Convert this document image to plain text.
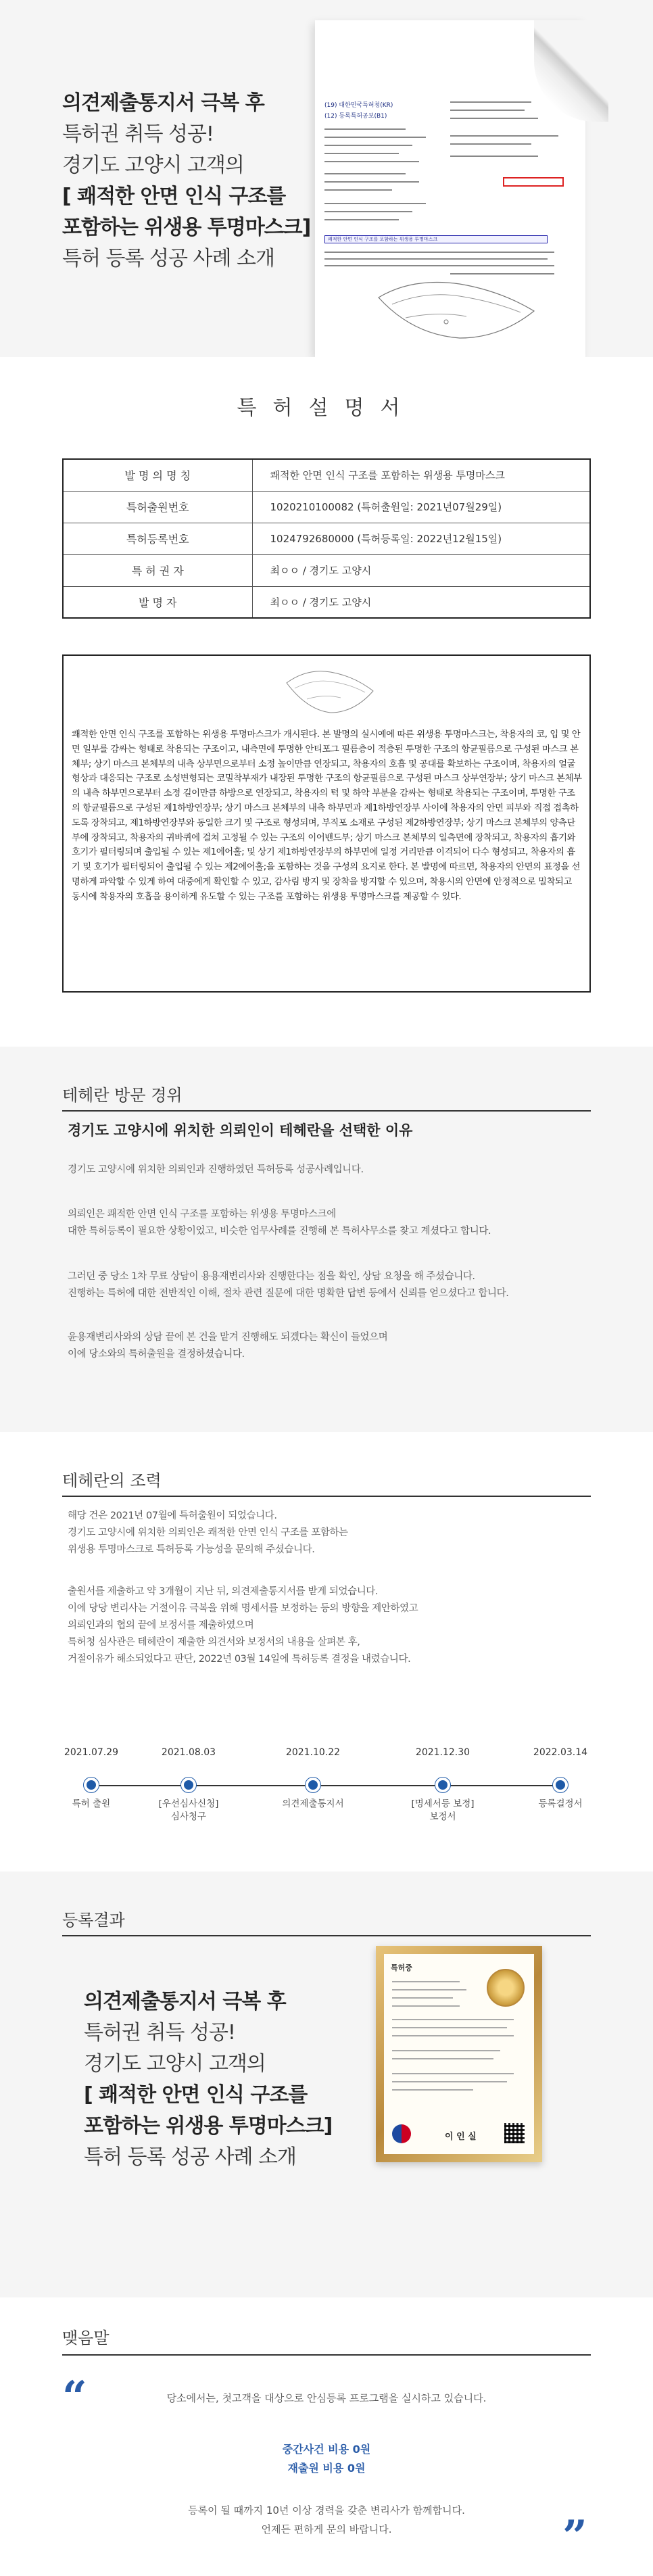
의견제출통지서 극복 후
특허권 취득 성공!
경기도 고양시 고객의
[ 쾌적한 안면 인식 구조를
포함하는 위생용 투명마스크]
특허 등록 성공 사례 소개
(19) 대한민국특허청(KR)
(12) 등록특허공보(B1)
쾌적한 안면 인식 구조를 포함하는 위생용 투명마스크
특허설명서
발 명 의 명 칭	쾌적한 안면 인식 구조를 포함하는 위생용 투명마스크
특허출원번호	1020210100082 (특허출원일: 2021년07월29일)
특허등록번호	1024792680000 (특허등록일: 2022년12월15일)
특 허 권 자	최ㅇㅇ / 경기도 고양시
발 명 자	최ㅇㅇ / 경기도 고양시
쾌적한 안면 인식 구조를 포함하는 위생용 투명마스크가 개시된다. 본 발명의 실시예에 따른 위생용 투명마스크는, 착용자의 코, 입 및 안면 일부를 감싸는 형태로 착용되는 구조이고, 내측면에 투명한 안티포그 필름층이 적층된 투명한 구조의 항균필름으로 구성된 마스크 본체부; 상기 마스크 본체부의 내측 상부면으로부터 소정 높이만큼 연장되고, 착용자의 호흡 및 공대를 확보하는 구조이며, 착용자의 얼굴 형상과 대응되는 구조로 소성변형되는 코밀착부재가 내장된 투명한 구조의 항균필름으로 구성된 마스크 상부연장부; 상기 마스크 본체부의 내측 하부면으로부터 소정 길이만큼 하방으로 연장되고, 착용자의 턱 및 하악 부분을 감싸는 형태로 착용되는 구조이며, 투명한 구조의 항균필름으로 구성된 제1하방연장부; 상기 마스크 본체부의 내측 하부면과 제1하방연장부 사이에 착용자의 안면 피부와 직접 접촉하도록 장착되고, 제1하방연장부와 동일한 크기 및 구조로 형성되며, 부직포 소재로 구성된 제2하방연장부; 상기 마스크 본체부의 양측단부에 장착되고, 착용자의 귀바퀴에 걸쳐 고정될 수 있는 구조의 이어밴드부; 상기 마스크 본체부의 일측면에 장착되고, 착용자의 흡기와 호기가 필터링되며 출입될 수 있는 제1에어홀; 및 상기 제1하방연장부의 하부면에 일정 거리만큼 이격되어 다수 형성되고, 착용자의 흡기 및 호기가 필터링되어 출입될 수 있는 제2에어홀;을 포함하는 것을 구성의 요지로 한다. 본 발명에 따르면, 착용자의 안면의 표정을 선명하게 파악할 수 있게 하여 대중에게 확인할 수 있고, 감사림 방지 및 장착을 방지할 수 있으며, 착용시의 안면에 안정적으로 밀착되고 동시에 착용자의 호흡을 용이하게 유도할 수 있는 구조를 포함하는 위생용 투명마스크를 제공할 수 있다.
테헤란 방문 경위
경기도 고양시에 위치한 의뢰인이 테헤란을 선택한 이유
경기도 고양시에 위치한 의뢰인과 진행하였던 특허등록 성공사례입니다.
의뢰인은 쾌적한 안면 인식 구조를 포함하는 위생용 투명마스크에
대한 특허등록이 필요한 상황이었고, 비슷한 업무사례를 진행해 본 특허사무소를 찾고 계셨다고 합니다.
그러던 중 당소 1차 무료 상담이 용용재변리사와 진행한다는 점을 확인, 상담 요청을 해 주셨습니다.
진행하는 특허에 대한 전반적인 이해, 절차 관련 질문에 대한 명확한 답변 등에서 신뢰를 얻으셨다고 합니다.
윤용재변리사와의 상담 끝에 본 건을 맡겨 진행해도 되겠다는 확신이 들었으며
이에 당소와의 특허출원을 결정하셨습니다.
테헤란의 조력
해당 건은 2021년 07월에 특허출원이 되었습니다.
경기도 고양시에 위치한 의뢰인은 쾌적한 안면 인식 구조를 포함하는
위생용 투명마스크로 특허등록 가능성을 문의해 주셨습니다.
출원서를 제출하고 약 3개월이 지난 뒤, 의견제출통지서를 받게 되었습니다.
이에 당당 변리사는 거절이유 극복을 위해 명세서를 보정하는 등의 방향을 제안하였고
의뢰인과의 협의 끝에 보정서를 제출하였으며
특허청 심사관은 테헤란이 제출한 의견서와 보정서의 내용을 살펴본 후,
거절이유가 해소되었다고 판단, 2022년 03월 14일에 특허등록 결정을 내렸습니다.
2021.07.29
특허 출원
2021.08.03
[우선심사신청]
심사청구
2021.10.22
의견제출통지서
2021.12.30
[명세서등 보정]
보정서
2022.03.14
등록결정서
등록결과
의견제출통지서 극복 후
특허권 취득 성공!
경기도 고양시 고객의
[ 쾌적한 안면 인식 구조를
포함하는 위생용 투명마스크]
특허 등록 성공 사례 소개
특허증
이 인 실
맺음말
“	당소에서는, 첫고객을 대상으로 안심등록 프로그램을 실시하고 있습니다.
중간사건 비용 0원
재출원 비용 0원
등록이 될 때까지 10년 이상 경력을 갖춘 변리사가 함께합니다.
언제든 편하게 문의 바랍니다.	”
